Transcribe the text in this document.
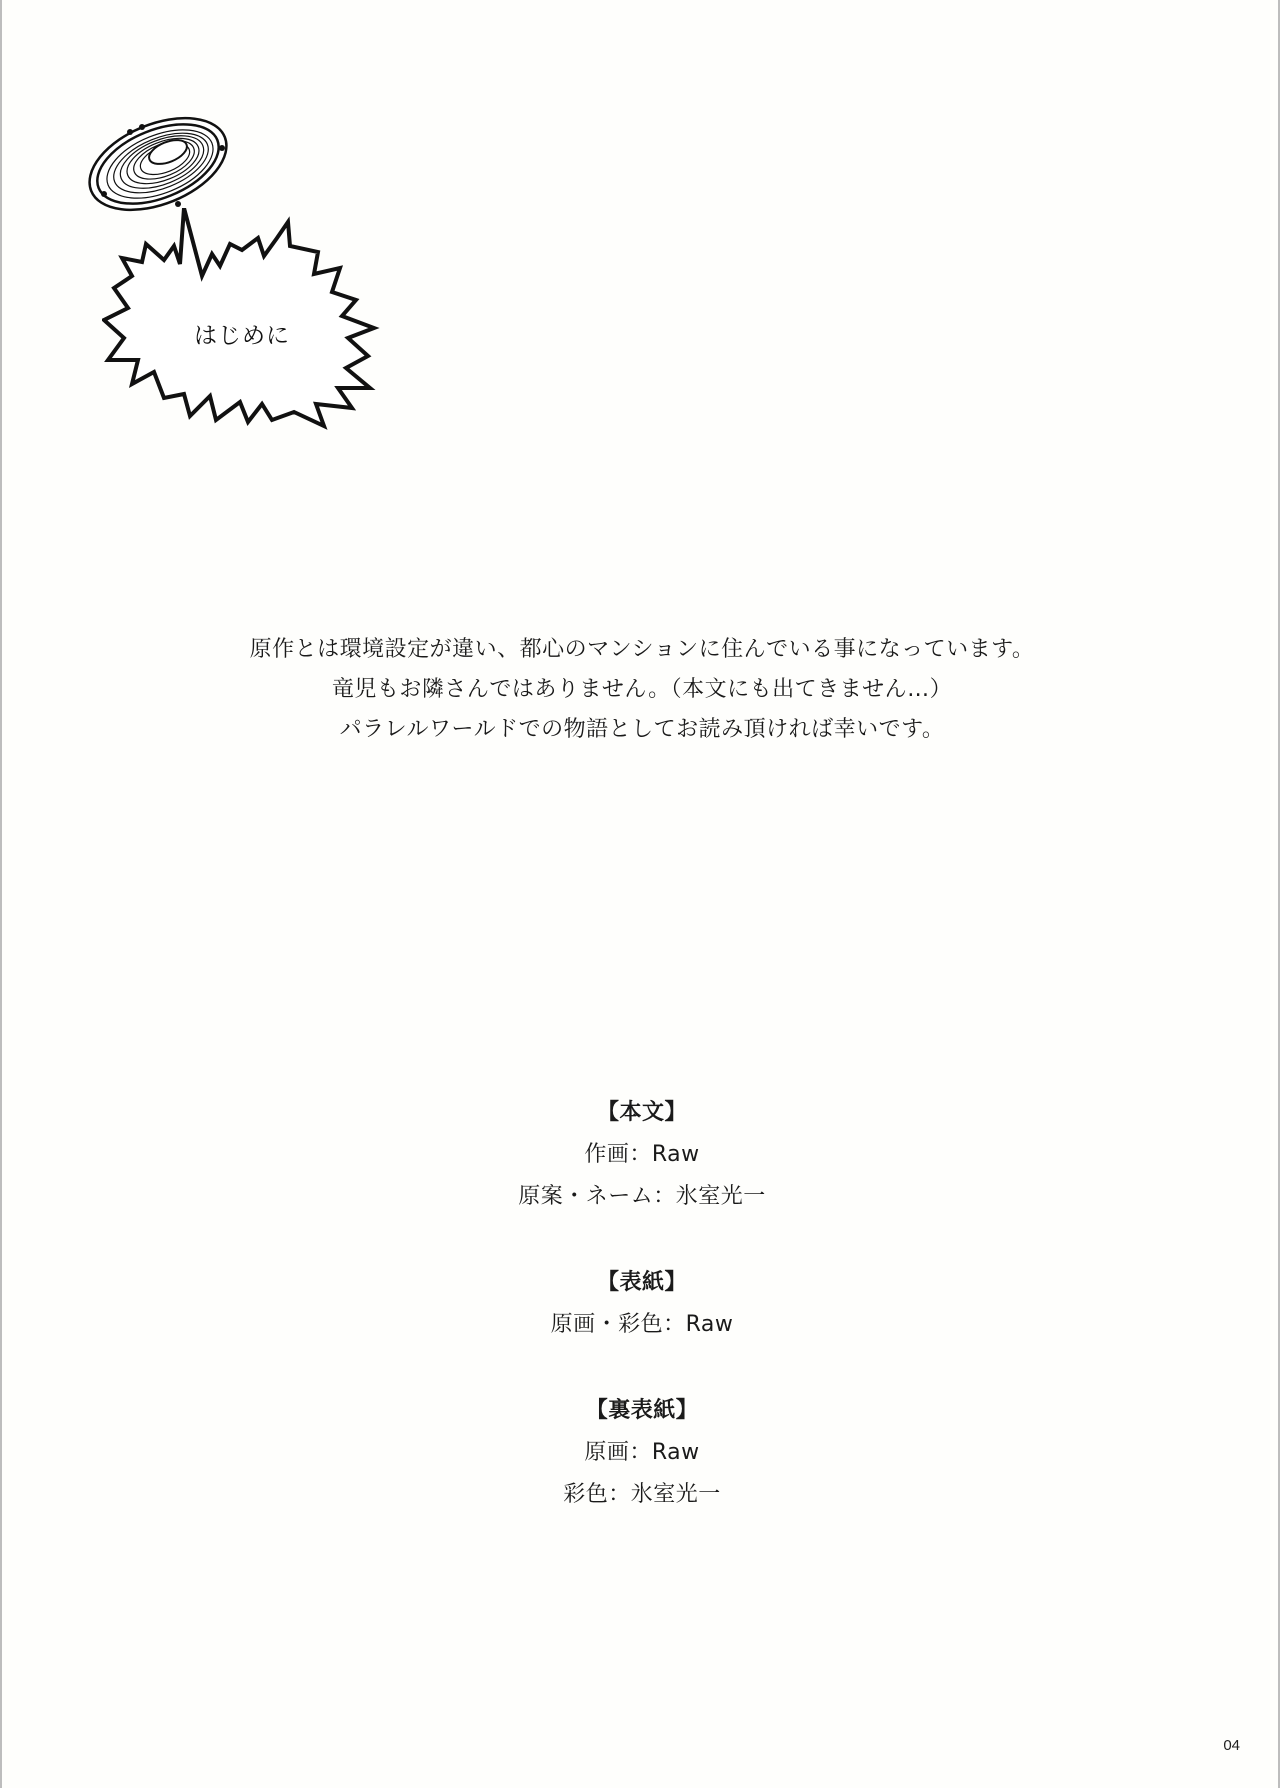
はじめに

原作とは環境設定が違い、都心のマンションに住んでいる事になっています。

竜児もお隣さんではありません。（本文にも出てきません…）

パラレルワールドでの物語としてお読み頂ければ幸いです。

【本文】

作画：Raw

原案・ネーム：氷室光一

【表紙】

原画・彩色：Raw

【裏表紙】

原画：Raw

彩色：氷室光一

04
